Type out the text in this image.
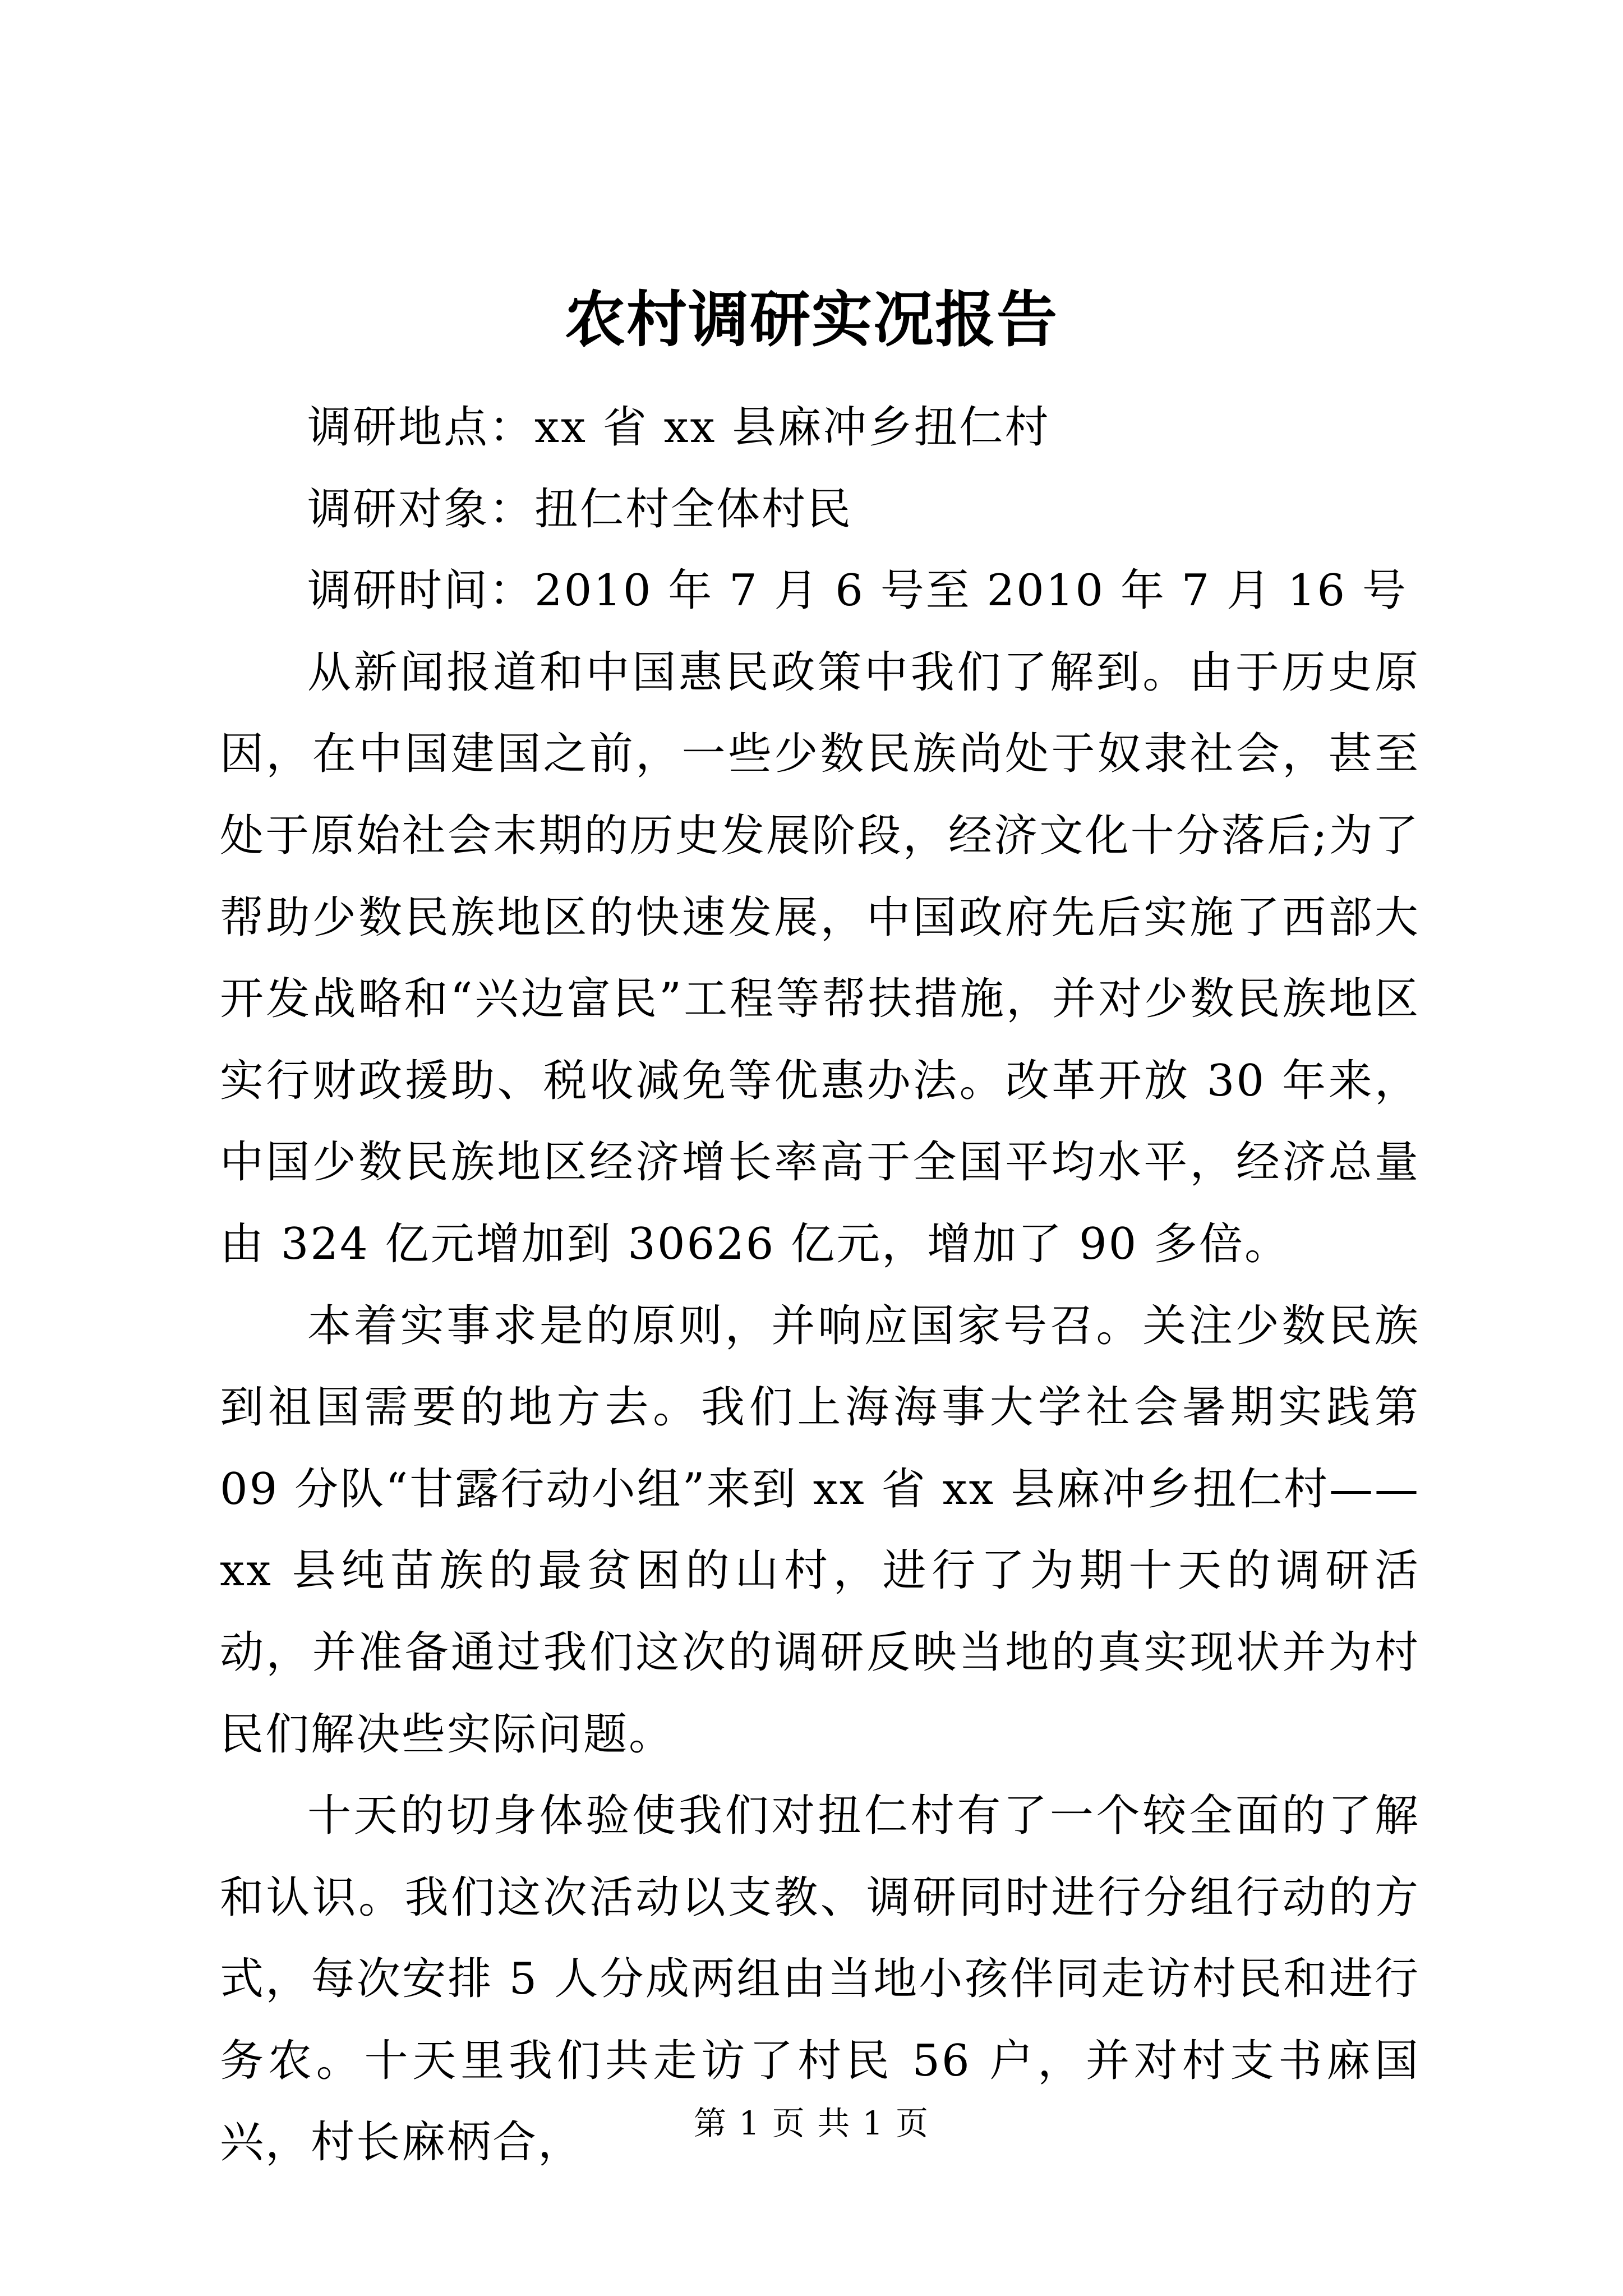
农村调研实况报告

调研地点：xx 省 xx 县麻冲乡扭仁村

调研对象：扭仁村全体村民

调研时间：2010 年 7 月 6 号至 2010 年 7 月 16 号

从新闻报道和中国惠民政策中我们了解到。由于历史原因，在中国建国之前，一些少数民族尚处于奴隶社会，甚至处于原始社会末期的历史发展阶段，经济文化十分落后;为了帮助少数民族地区的快速发展，中国政府先后实施了西部大开发战略和“兴边富民”工程等帮扶措施，并对少数民族地区实行财政援助、税收减免等优惠办法。改革开放 30 年来，中国少数民族地区经济增长率高于全国平均水平，经济总量由 324 亿元增加到 30626 亿元，增加了 90 多倍。

本着实事求是的原则，并响应国家号召。关注少数民族到祖国需要的地方去。我们上海海事大学社会暑期实践第 09 分队“甘露行动小组”来到 xx 省 xx 县麻冲乡扭仁村——xx 县纯苗族的最贫困的山村，进行了为期十天的调研活动，并准备通过我们这次的调研反映当地的真实现状并为村民们解决些实际问题。

十天的切身体验使我们对扭仁村有了一个较全面的了解和认识。我们这次活动以支教、调研同时进行分组行动的方式，每次安排 5 人分成两组由当地小孩伴同走访村民和进行务农。十天里我们共走访了村民 56 户，并对村支书麻国兴，村长麻柄合，	第 1 页 共 1 页
